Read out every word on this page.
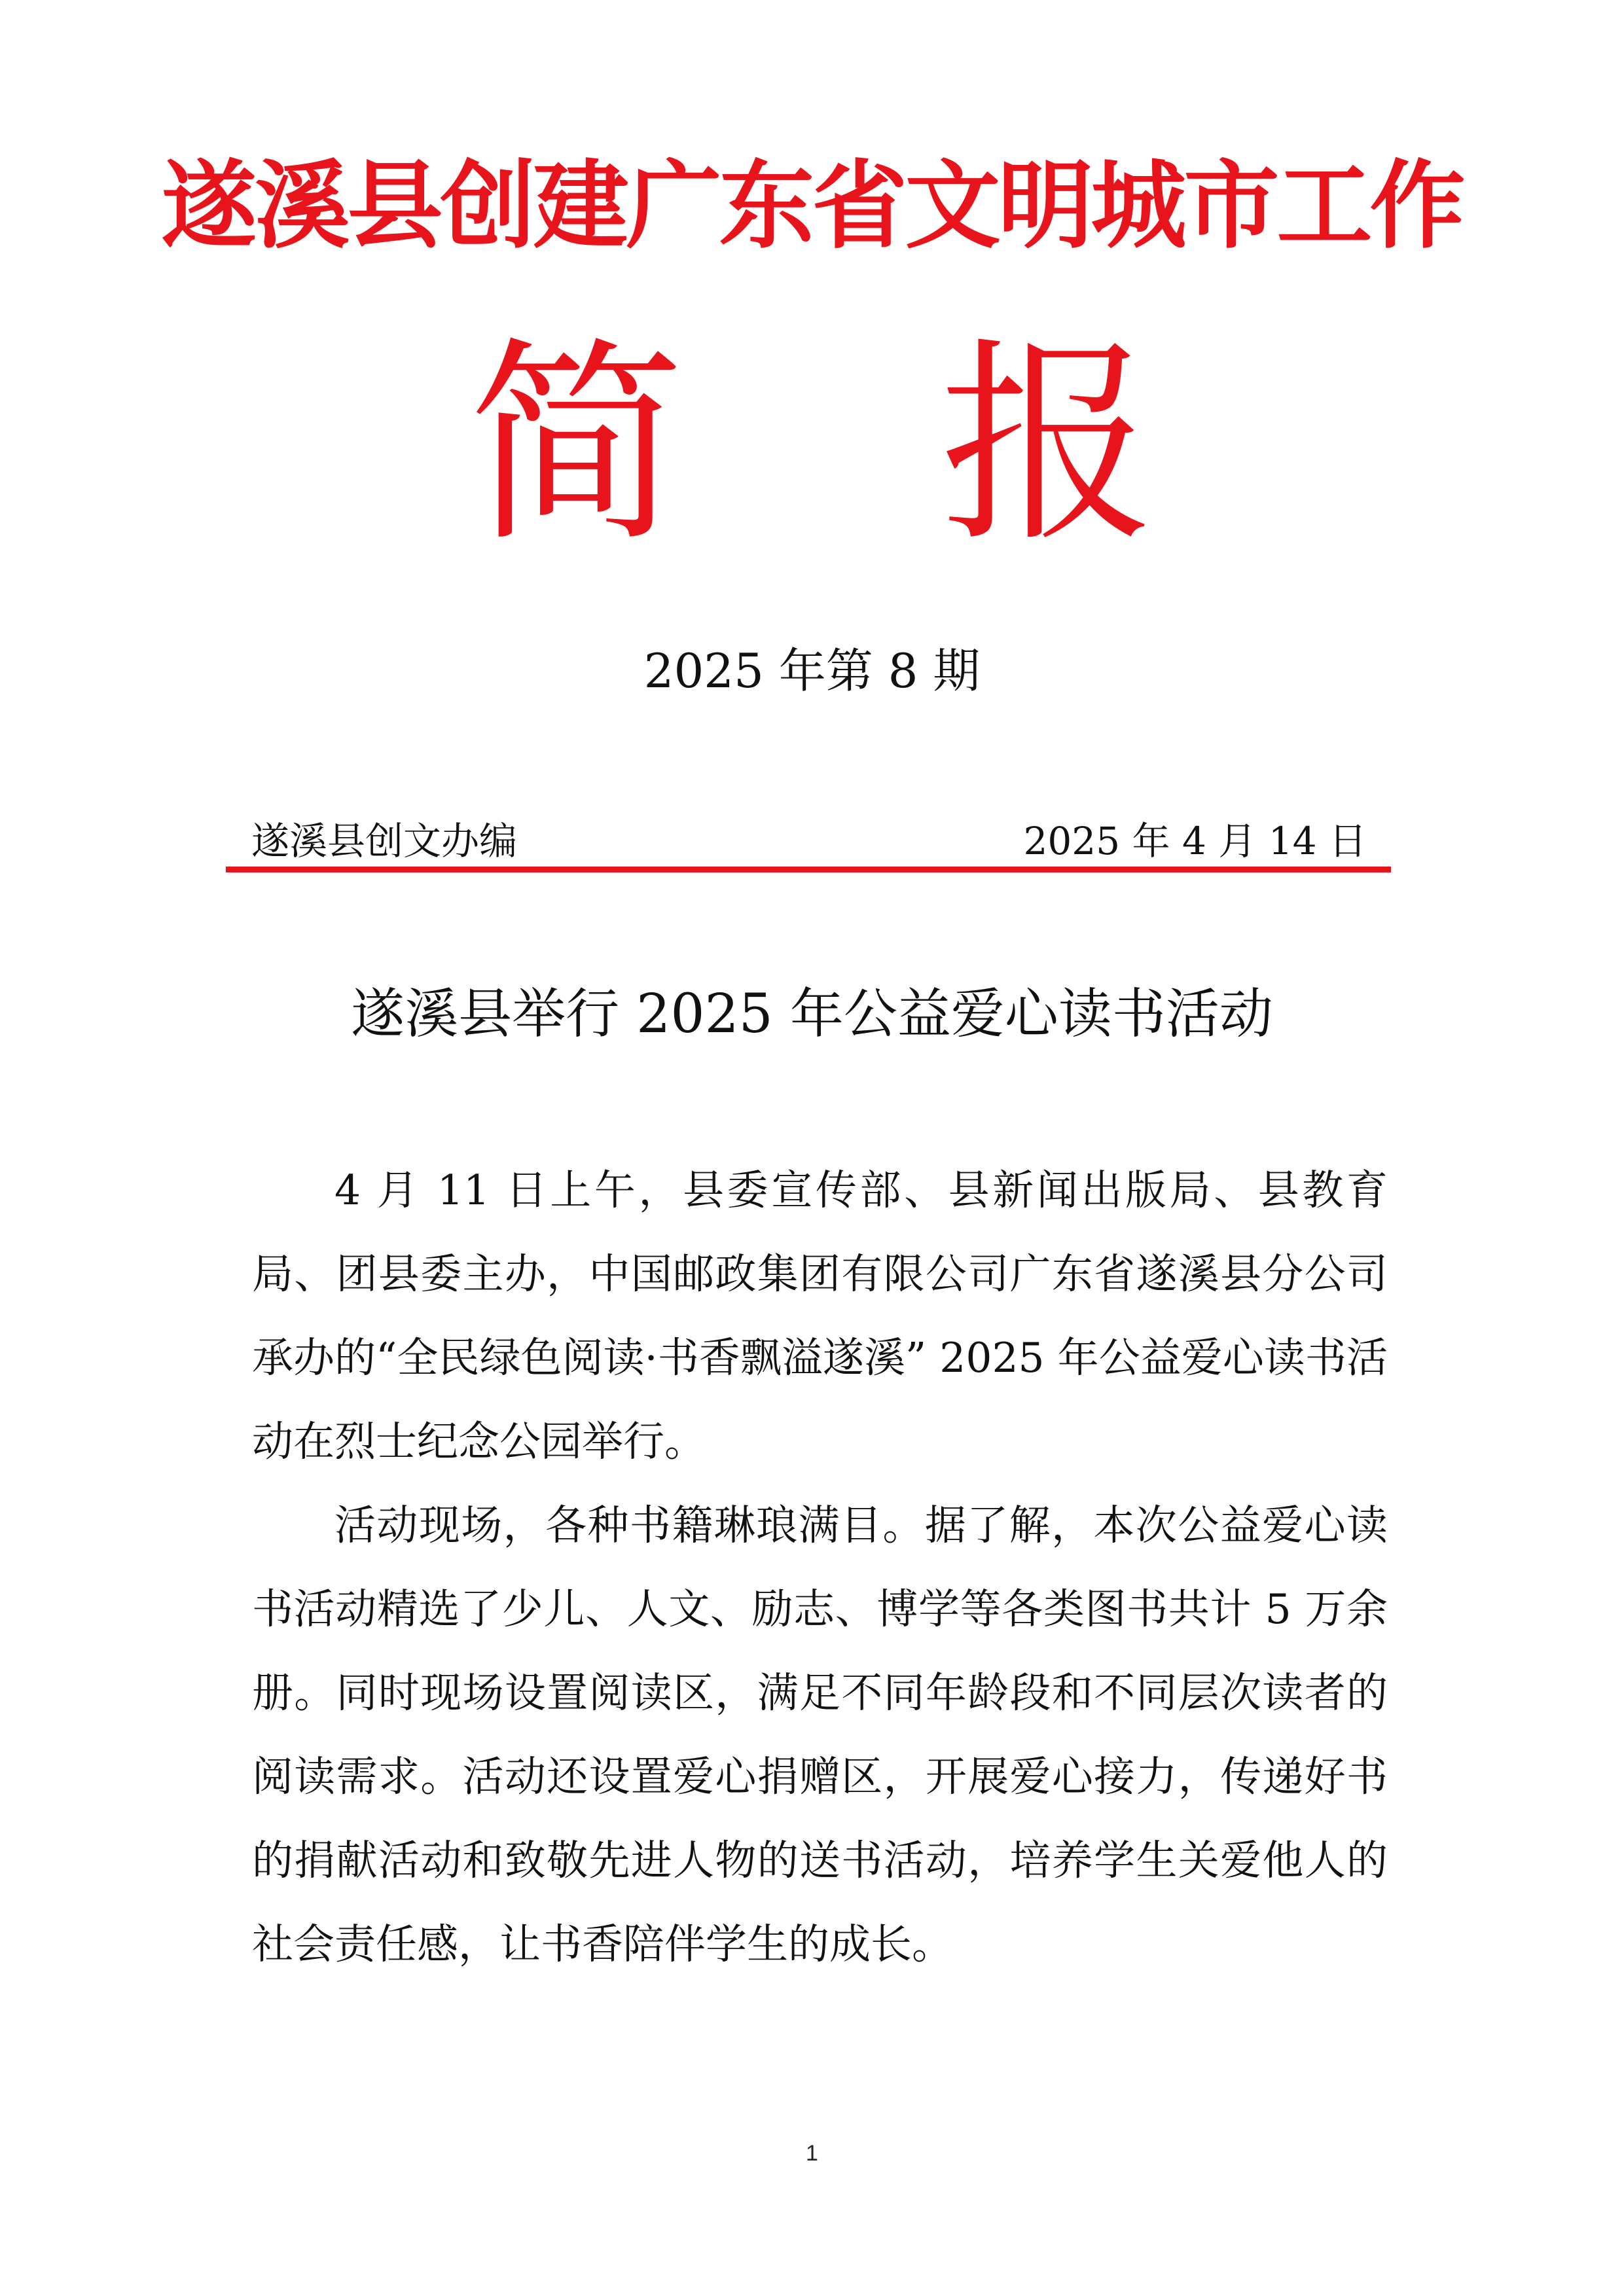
遂溪县创建广东省文明城市工作
简 报
2025 年第 8 期
遂溪县创文办编	2025 年 4 月 14 日
遂溪县举行 2025 年公益爱心读书活动

4 月 11 日上午，县委宣传部、县新闻出版局、县教育局、团县委主办，中国邮政集团有限公司广东省遂溪县分公司承办的“全民绿色阅读·书香飘溢遂溪” 2025 年公益爱心读书活动在烈士纪念公园举行。

活动现场，各种书籍琳琅满目。据了解，本次公益爱心读书活动精选了少儿、人文、励志、博学等各类图书共计 5 万余册。同时现场设置阅读区，满足不同年龄段和不同层次读者的阅读需求。活动还设置爱心捐赠区，开展爱心接力，传递好书的捐献活动和致敬先进人物的送书活动，培养学生关爱他人的社会责任感，让书香陪伴学生的成长。

1
